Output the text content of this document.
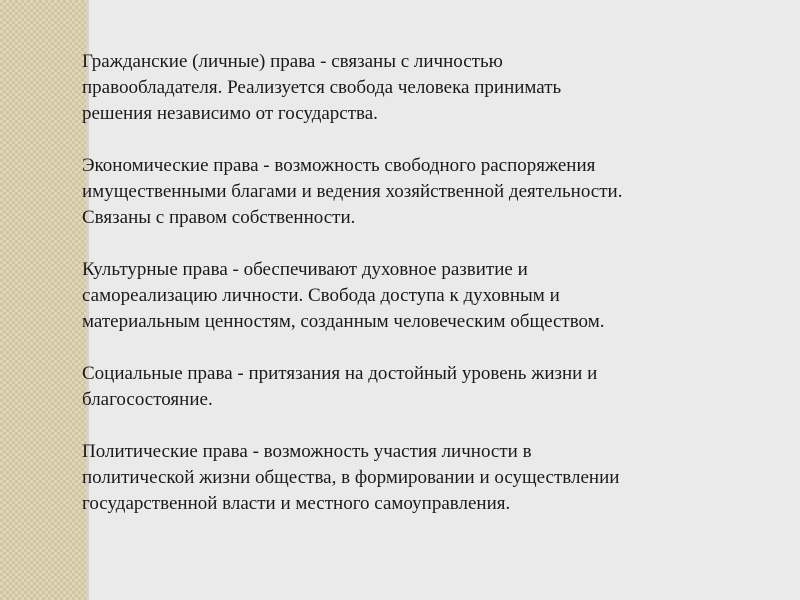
Гражданские (личные) права - связаны с личностью
правообладателя. Реализуется свобода человека принимать
решения независимо от государства.

Экономические права - возможность свободного распоряжения
имущественными благами и ведения хозяйственной деятельности.
Связаны с правом собственности.

Культурные права - обеспечивают духовное развитие и
самореализацию личности. Свобода доступа к духовным и
материальным ценностям, созданным человеческим обществом.

Социальные права - притязания на достойный уровень жизни и
благосостояние.

Политические права - возможность участия личности в
политической жизни общества, в формировании и осуществлении
государственной власти и местного самоуправления.
